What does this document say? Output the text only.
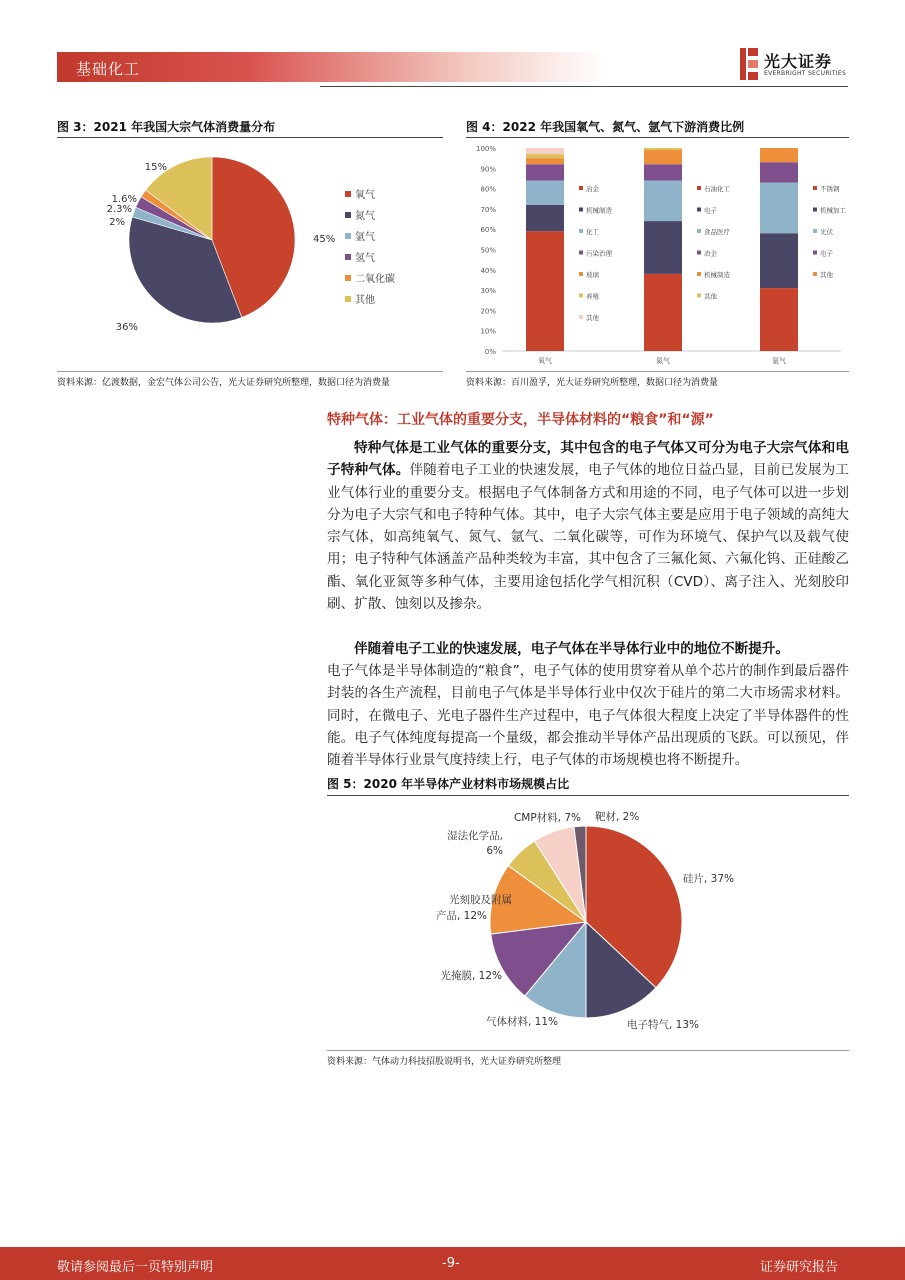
基础化工	光大证券
EVERBRIGHT SECURITIES
图 3：2021 年我国大宗气体消费量分布
45%
36%
2%
2.3%
1.6%
15%
氧气
氮气
氩气
氢气
二氧化碳
其他
资料来源：亿渡数据，金宏气体公司公告，光大证券研究所整理，数据口径为消费量
图 4：2022 年我国氧气、氮气、氩气下游消费比例
0%
10%
20%
30%
40%
50%
60%
70%
80%
90%
100%
氧气
冶金
机械制造
化工
污染治理
玻璃
养殖
其他
氮气
石油化工
电子
食品医疗
冶金
机械制造
其他
氩气
不锈钢
机械加工
光伏
电子
其他
资料来源：百川盈孚，光大证券研究所整理，数据口径为消费量
特种气体：工业气体的重要分支，半导体材料的“粮食”和“源”
特种气体是工业气体的重要分支，其中包含的电子气体又可分为电子大宗气体和电子特种气体。伴随着电子工业的快速发展，电子气体的地位日益凸显，目前已发展为工业气体行业的重要分支。根据电子气体制备方式和用途的不同，电子气体可以进一步划分为电子大宗气和电子特种气体。其中，电子大宗气体主要是应用于电子领域的高纯大宗气体，如高纯氧气、氮气、氩气、二氧化碳等，可作为环境气、保护气以及载气使用；电子特种气体涵盖产品种类较为丰富，其中包含了三氟化氮、六氟化钨、正硅酸乙酯、氧化亚氮等多种气体，主要用途包括化学气相沉积（CVD）、离子注入、光刻胶印刷、扩散、蚀刻以及掺杂。
伴随着电子工业的快速发展，电子气体在半导体行业中的地位不断提升。
电子气体是半导体制造的“粮食”，电子气体的使用贯穿着从单个芯片的制作到最后器件封装的各生产流程，目前电子气体是半导体行业中仅次于硅片的第二大市场需求材料。同时，在微电子、光电子器件生产过程中，电子气体很大程度上决定了半导体器件的性能。电子气体纯度每提高一个量级，都会推动半导体产品出现质的飞跃。可以预见，伴随着半导体行业景气度持续上行，电子气体的市场规模也将不断提升。
图 5：2020 年半导体产业材料市场规模占比
硅片, 37%
电子特气, 13%
气体材料, 11%
光掩膜, 12%
光刻胶及附属
产品, 12%
湿法化学品,
6%
CMP材料, 7% 靶材, 2%
资料来源：气体动力科技招股说明书，光大证券研究所整理
敬请参阅最后一页特别声明	-9-	证券研究报告
